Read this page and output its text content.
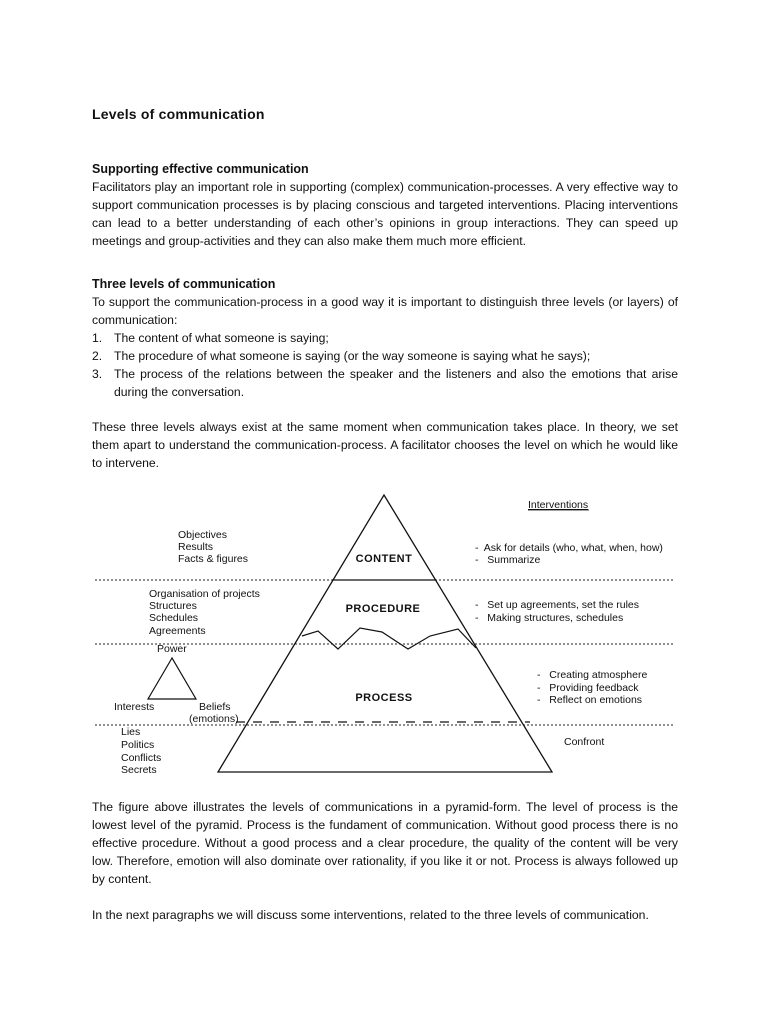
Levels of communication
Supporting effective communication

Facilitators play an important role in supporting (complex) communication-processes. A very effective way to support communication processes is by placing conscious and targeted interventions. Placing interventions can lead to a better understanding of each other’s opinions in group interactions. They can speed up meetings and group-activities and they can also make them much more efficient.

Three levels of communication

To support the communication-process in a good way it is important to distinguish three levels (or layers) of communication:

1. The content of what someone is saying;
2. The procedure of what someone is saying (or the way someone is saying what he says);
3. The process of the relations between the speaker and the listeners and also the emotions that arise during the conversation.

These three levels always exist at the same moment when communication takes place. In theory, we set them apart to understand the communication-process. A facilitator chooses the level on which he would like to intervene.

The figure above illustrates the levels of communications in a pyramid-form. The level of process is the lowest level of the pyramid. Process is the fundament of communication. Without good process there is no effective procedure. Without a good process and a clear procedure, the quality of the content will be very low. Therefore, emotion will also dominate over rationality, if you like it or not. Process is always followed up by content.

In the next paragraphs we will discuss some interventions, related to the three levels of communication.

CONTENT
PROCEDURE
PROCESS
Interventions
Objectives
Results
Facts & figures
Organisation of projects
Structures
Schedules
Agreements
Power
Interests	Beliefs
(emotions)
Lies
Politics
Conflicts
Secrets
-  Ask for details (who, what, when, how)
-   Summarize
-   Set up agreements, set the rules
-   Making structures, schedules
-   Creating atmosphere
-   Providing feedback
-   Reflect on emotions
Confront
